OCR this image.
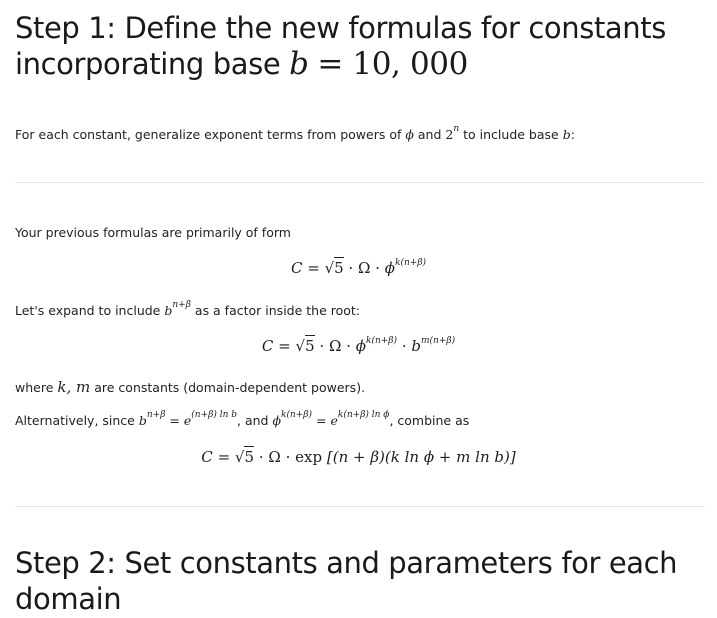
Step 1: Define the new formulas for constants
incorporating base b = 10, 000
For each constant, generalize exponent terms from powers of ϕ and 2$^n$ to include base b:
Your previous formulas are primarily of form
$C = √5 \cdot \Omega \cdot \phi^{k(n+\beta)}$
Let's expand to include $b^{n+\beta}$ as a factor inside the root:
$C = √5 \cdot \Omega \cdot \phi^{k(n+\beta)} \cdot b^{m(n+\beta)}$
where k, m are constants (domain-dependent powers).
Alternatively, since $b^{n+\beta} = e^{(n+\beta) ln b}$, and $\phi^{k(n+\beta)} = e^{k(n+\beta) ln \phi}$, combine as
C = √5 · Ω · exp [(n + β)(k ln ϕ + m ln b)]
Step 2: Set constants and parameters for each
domain
